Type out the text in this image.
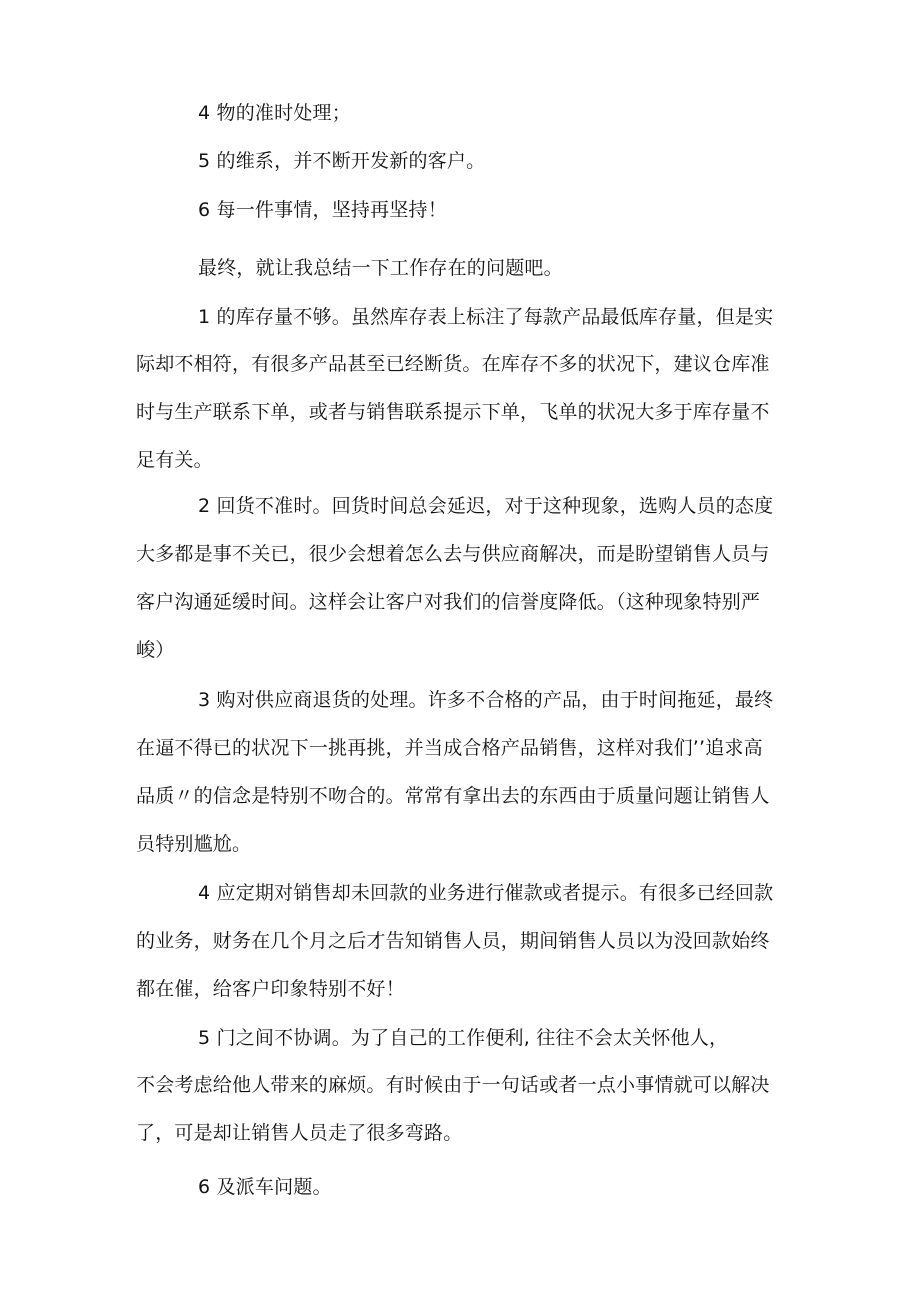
4 物的准时处理；
5 的维系，并不断开发新的客户。
6 每一件事情，坚持再坚持！
最终，就让我总结一下工作存在的问题吧。
1 的库存量不够。虽然库存表上标注了每款产品最低库存量，但是实
际却不相符，有很多产品甚至已经断货。在库存不多的状况下，建议仓库准
时与生产联系下单，或者与销售联系提示下单，飞单的状况大多于库存量不
足有关。
2 回货不准时。回货时间总会延迟，对于这种现象，选购人员的态度
大多都是事不关已，很少会想着怎么去与供应商解决，而是盼望销售人员与
客户沟通延缓时间。这样会让客户对我们的信誉度降低。（这种现象特别严
峻）
3 购对供应商退货的处理。许多不合格的产品，由于时间拖延，最终
在逼不得已的状况下一挑再挑，并当成合格产品销售，这样对我们’’追求高
品质〃的信念是特别不吻合的。常常有拿出去的东西由于质量问题让销售人
员特别尴尬。
4 应定期对销售却未回款的业务进行催款或者提示。有很多已经回款
的业务，财务在几个月之后才告知销售人员，期间销售人员以为没回款始终
都在催，给客户印象特别不好！
5 门之间不协调。为了自己的工作便利, 往往不会太关怀他人，
不会考虑给他人带来的麻烦。有时候由于一句话或者一点小事情就可以解决
了，可是却让销售人员走了很多弯路。
6 及派车问题。
